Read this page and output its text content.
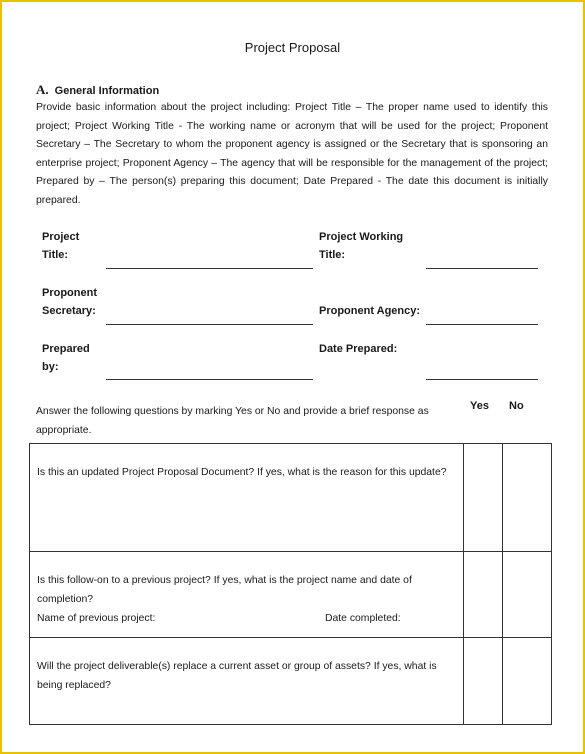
Project Proposal
A. General Information
Provide basic information about the project including: Project Title – The proper name used to identify this project; Project Working Title - The working name or acronym that will be used for the project; Proponent Secretary – The Secretary to whom the proponent agency is assigned or the Secretary that is sponsoring an enterprise project; Proponent Agency – The agency that will be responsible for the management of the project; Prepared by – The person(s) preparing this document; Date Prepared - The date this document is initially prepared.
Project
Title:
Project Working
Title:
Proponent
Secretary:	Proponent Agency:
Prepared
by:
Date Prepared:
Answer the following questions by marking Yes or No and provide a brief response as appropriate.
Yes No
Is this an updated Project Proposal Document? If yes, what is the reason for this update?		

Is this follow-on to a previous project? If yes, what is the project name and date of completion?
Name of previous project: Date completed:		

Will the project deliverable(s) replace a current asset or group of assets? If yes, what is being replaced?		
